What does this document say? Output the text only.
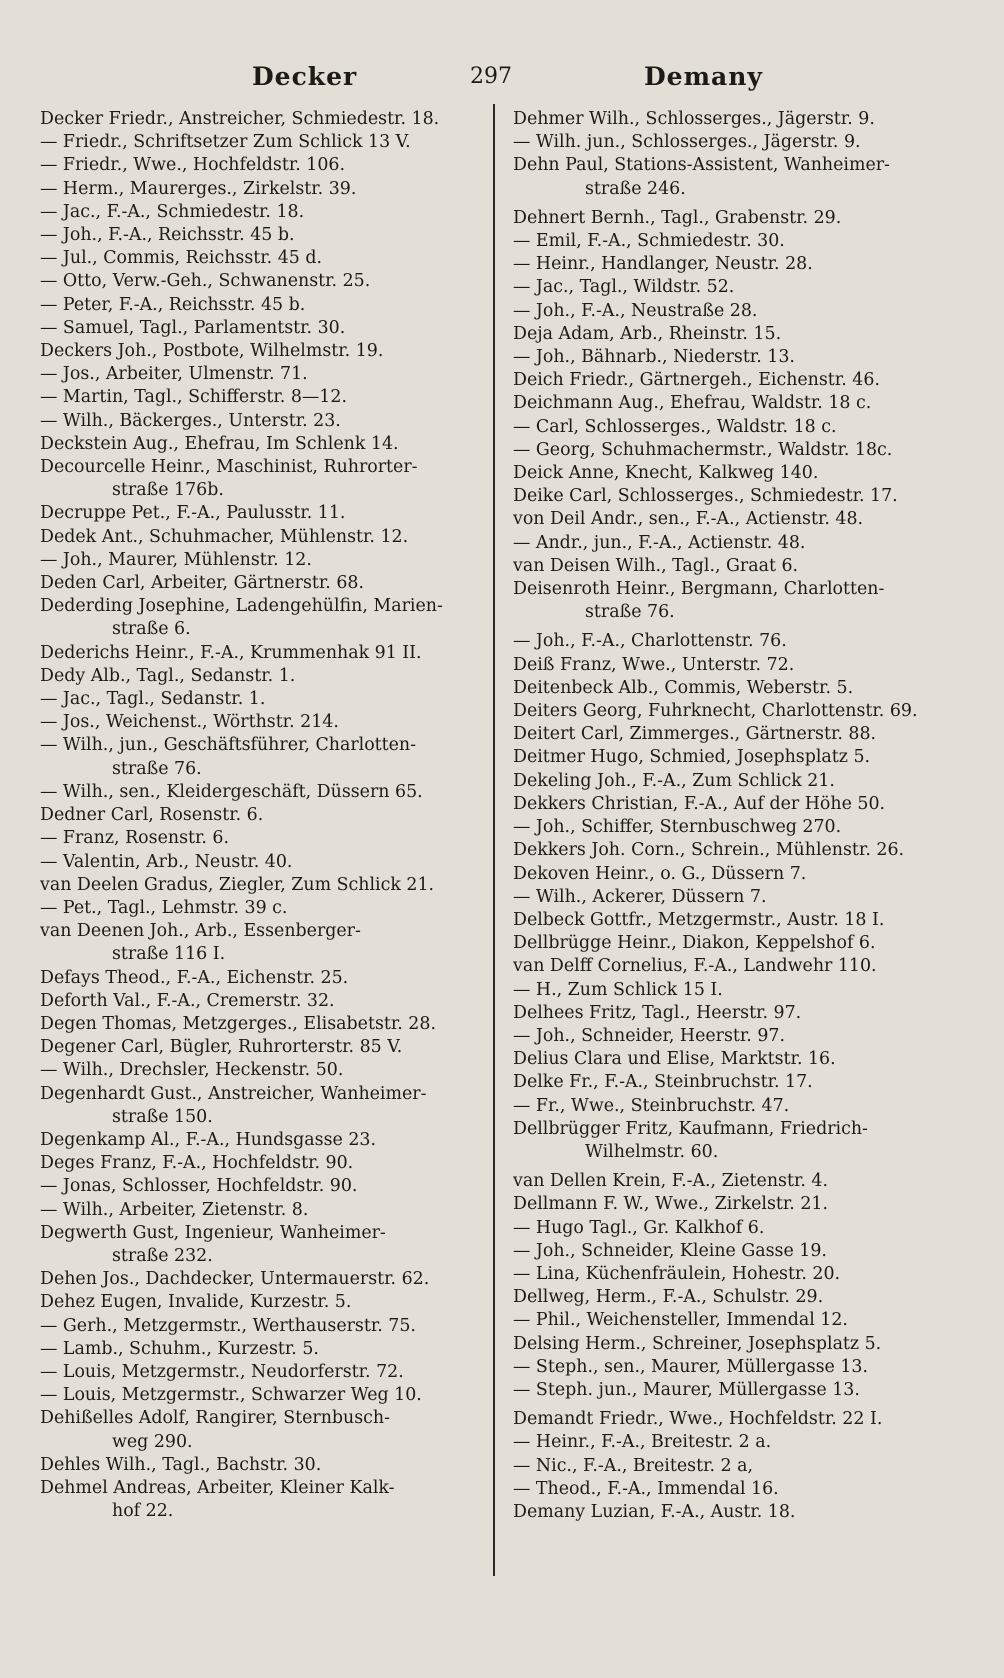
Decker	297	Demany
Decker Friedr., Anstreicher, Schmiedestr. 18.
— Friedr., Schriftsetzer Zum Schlick 13 V.
— Friedr., Wwe., Hochfeldstr. 106.
— Herm., Maurerges., Zirkelstr. 39.
— Jac., F.-A., Schmiedestr. 18.
— Joh., F.-A., Reichsstr. 45 b.
— Jul., Commis, Reichsstr. 45 d.
— Otto, Verw.-Geh., Schwanenstr. 25.
— Peter, F.-A., Reichsstr. 45 b.
— Samuel, Tagl., Parlamentstr. 30.
Deckers Joh., Postbote, Wilhelmstr. 19.
— Jos., Arbeiter, Ulmenstr. 71.
— Martin, Tagl., Schifferstr. 8—12.
— Wilh., Bäckerges., Unterstr. 23.
Deckstein Aug., Ehefrau, Im Schlenk 14.
Decourcelle Heinr., Maschinist, Ruhrorter-
straße 176b.
Decruppe Pet., F.-A., Paulusstr. 11.
Dedek Ant., Schuhmacher, Mühlenstr. 12.
— Joh., Maurer, Mühlenstr. 12.
Deden Carl, Arbeiter, Gärtnerstr. 68.
Dederding Josephine, Ladengehülfin, Marien-
straße 6.
Dederichs Heinr., F.-A., Krummenhak 91 II.
Dedy Alb., Tagl., Sedanstr. 1.
— Jac., Tagl., Sedanstr. 1.
— Jos., Weichenst., Wörthstr. 214.
— Wilh., jun., Geschäftsführer, Charlotten-
straße 76.
— Wilh., sen., Kleidergeschäft, Düssern 65.
Dedner Carl, Rosenstr. 6.
— Franz, Rosenstr. 6.
— Valentin, Arb., Neustr. 40.
van Deelen Gradus, Ziegler, Zum Schlick 21.
— Pet., Tagl., Lehmstr. 39 c.
van Deenen Joh., Arb., Essenberger-
straße 116 I.
Defays Theod., F.-A., Eichenstr. 25.
Deforth Val., F.-A., Cremerstr. 32.
Degen Thomas, Metzgerges., Elisabetstr. 28.
Degener Carl, Bügler, Ruhrorterstr. 85 V.
— Wilh., Drechsler, Heckenstr. 50.
Degenhardt Gust., Anstreicher, Wanheimer-
straße 150.
Degenkamp Al., F.-A., Hundsgasse 23.
Deges Franz, F.-A., Hochfeldstr. 90.
— Jonas, Schlosser, Hochfeldstr. 90.
— Wilh., Arbeiter, Zietenstr. 8.
Degwerth Gust, Ingenieur, Wanheimer-
straße 232.
Dehen Jos., Dachdecker, Untermauerstr. 62.
Dehez Eugen, Invalide, Kurzestr. 5.
— Gerh., Metzgermstr., Werthauserstr. 75.
— Lamb., Schuhm., Kurzestr. 5.
— Louis, Metzgermstr., Neudorferstr. 72.
— Louis, Metzgermstr., Schwarzer Weg 10.
Dehißelles Adolf, Rangirer, Sternbusch-
weg 290.
Dehles Wilh., Tagl., Bachstr. 30.
Dehmel Andreas, Arbeiter, Kleiner Kalk-
hof 22.
Dehmer Wilh., Schlosserges., Jägerstr. 9.
— Wilh. jun., Schlosserges., Jägerstr. 9.
Dehn Paul, Stations-Assistent, Wanheimer-
straße 246.
Dehnert Bernh., Tagl., Grabenstr. 29.
— Emil, F.-A., Schmiedestr. 30.
— Heinr., Handlanger, Neustr. 28.
— Jac., Tagl., Wildstr. 52.
— Joh., F.-A., Neustraße 28.
Deja Adam, Arb., Rheinstr. 15.
— Joh., Bähnarb., Niederstr. 13.
Deich Friedr., Gärtnergeh., Eichenstr. 46.
Deichmann Aug., Ehefrau, Waldstr. 18 c.
— Carl, Schlosserges., Waldstr. 18 c.
— Georg, Schuhmachermstr., Waldstr. 18c.
Deick Anne, Knecht, Kalkweg 140.
Deike Carl, Schlosserges., Schmiedestr. 17.
von Deil Andr., sen., F.-A., Actienstr. 48.
— Andr., jun., F.-A., Actienstr. 48.
van Deisen Wilh., Tagl., Graat 6.
Deisenroth Heinr., Bergmann, Charlotten-
straße 76.
— Joh., F.-A., Charlottenstr. 76.
Deiß Franz, Wwe., Unterstr. 72.
Deitenbeck Alb., Commis, Weberstr. 5.
Deiters Georg, Fuhrknecht, Charlottenstr. 69.
Deitert Carl, Zimmerges., Gärtnerstr. 88.
Deitmer Hugo, Schmied, Josephsplatz 5.
Dekeling Joh., F.-A., Zum Schlick 21.
Dekkers Christian, F.-A., Auf der Höhe 50.
— Joh., Schiffer, Sternbuschweg 270.
Dekkers Joh. Corn., Schrein., Mühlenstr. 26.
Dekoven Heinr., o. G., Düssern 7.
— Wilh., Ackerer, Düssern 7.
Delbeck Gottfr., Metzgermstr., Austr. 18 I.
Dellbrügge Heinr., Diakon, Keppelshof 6.
van Delff Cornelius, F.-A., Landwehr 110.
— H., Zum Schlick 15 I.
Delhees Fritz, Tagl., Heerstr. 97.
— Joh., Schneider, Heerstr. 97.
Delius Clara und Elise, Marktstr. 16.
Delke Fr., F.-A., Steinbruchstr. 17.
— Fr., Wwe., Steinbruchstr. 47.
Dellbrügger Fritz, Kaufmann, Friedrich-
Wilhelmstr. 60.
van Dellen Krein, F.-A., Zietenstr. 4.
Dellmann F. W., Wwe., Zirkelstr. 21.
— Hugo Tagl., Gr. Kalkhof 6.
— Joh., Schneider, Kleine Gasse 19.
— Lina, Küchenfräulein, Hohestr. 20.
Dellweg, Herm., F.-A., Schulstr. 29.
— Phil., Weichensteller, Immendal 12.
Delsing Herm., Schreiner, Josephsplatz 5.
— Steph., sen., Maurer, Müllergasse 13.
— Steph. jun., Maurer, Müllergasse 13.
Demandt Friedr., Wwe., Hochfeldstr. 22 I.
— Heinr., F.-A., Breitestr. 2 a.
— Nic., F.-A., Breitestr. 2 a,
— Theod., F.-A., Immendal 16.
Demany Luzian, F.-A., Austr. 18.
